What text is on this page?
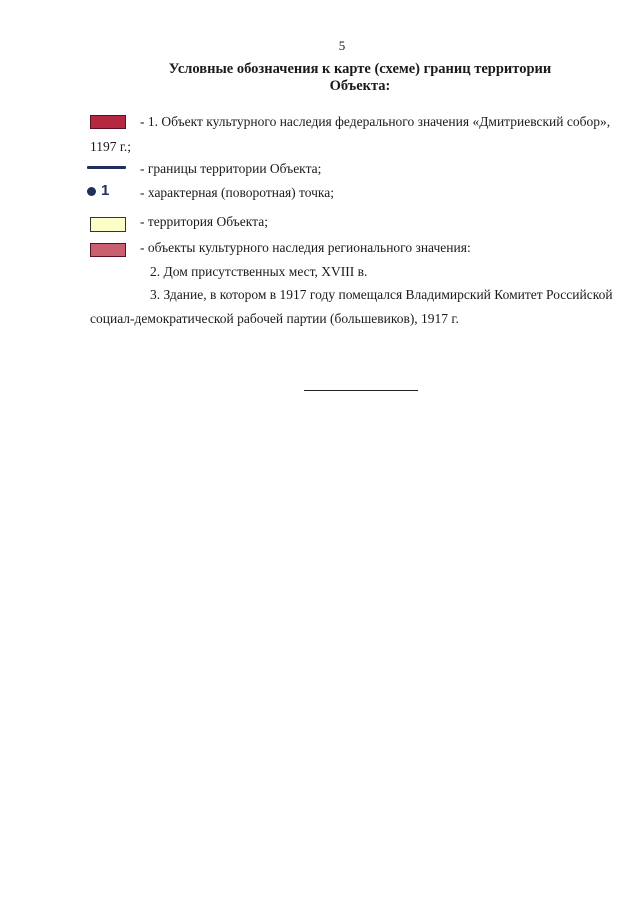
5
Условные обозначения к карте (схеме) границ территории
Объекта:
- 1. Объект культурного наследия федерального значения «Дмитриевский собор»,
1197 г.;
- границы территории Объекта;
1 - характерная (поворотная) точка;
- территория Объекта;
- объекты культурного наследия регионального значения:
2. Дом присутственных мест, XVIII в.
3. Здание, в котором в 1917 году помещался Владимирский Комитет Российской
социал-демократической рабочей партии (большевиков), 1917 г.
